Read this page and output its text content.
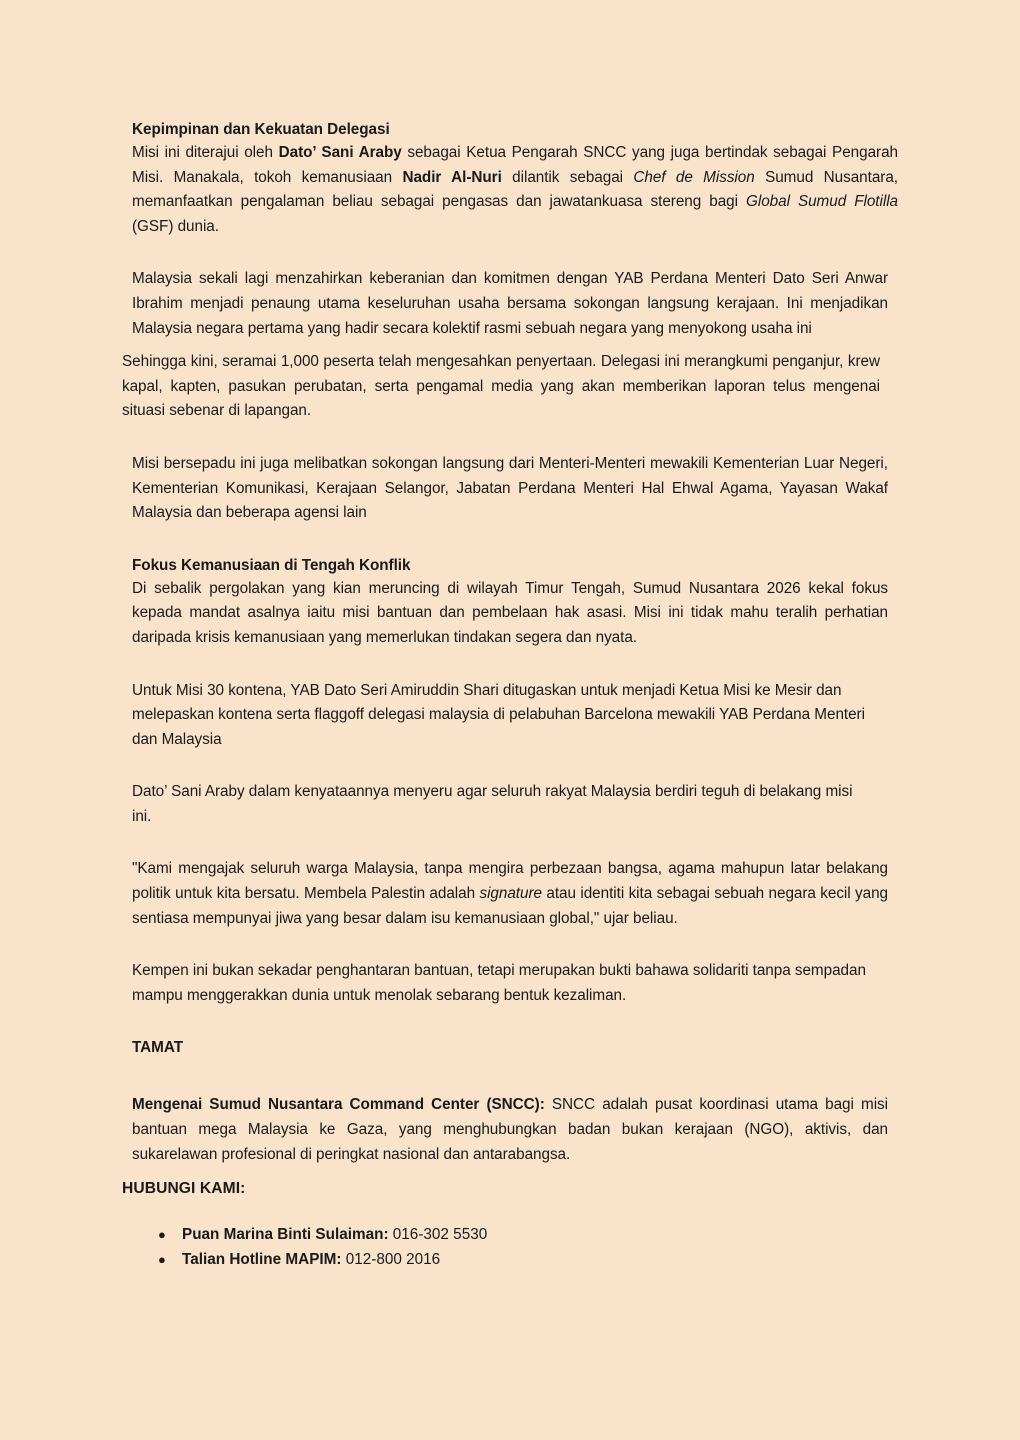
Kepimpinan dan Kekuatan Delegasi

Misi ini diterajui oleh Dato’ Sani Araby sebagai Ketua Pengarah SNCC yang juga bertindak sebagai Pengarah Misi. Manakala, tokoh kemanusiaan Nadir Al-Nuri dilantik sebagai Chef de Mission Sumud Nusantara, memanfaatkan pengalaman beliau sebagai pengasas dan jawatankuasa stereng bagi Global Sumud Flotilla (GSF) dunia.

Malaysia sekali lagi menzahirkan keberanian dan komitmen dengan YAB Perdana Menteri Dato Seri Anwar Ibrahim menjadi penaung utama keseluruhan usaha bersama sokongan langsung kerajaan. Ini menjadikan Malaysia negara pertama yang hadir secara kolektif rasmi sebuah negara yang menyokong usaha ini

Sehingga kini, seramai 1,000 peserta telah mengesahkan penyertaan. Delegasi ini merangkumi penganjur, krew kapal, kapten, pasukan perubatan, serta pengamal media yang akan memberikan laporan telus mengenai situasi sebenar di lapangan.

Misi bersepadu ini juga melibatkan sokongan langsung dari Menteri-Menteri mewakili Kementerian Luar Negeri, Kementerian Komunikasi, Kerajaan Selangor, Jabatan Perdana Menteri Hal Ehwal Agama, Yayasan Wakaf Malaysia dan beberapa agensi lain

Fokus Kemanusiaan di Tengah Konflik

Di sebalik pergolakan yang kian meruncing di wilayah Timur Tengah, Sumud Nusantara 2026 kekal fokus kepada mandat asalnya iaitu misi bantuan dan pembelaan hak asasi. Misi ini tidak mahu teralih perhatian daripada krisis kemanusiaan yang memerlukan tindakan segera dan nyata.

Untuk Misi 30 kontena, YAB Dato Seri Amiruddin Shari ditugaskan untuk menjadi Ketua Misi ke Mesir dan melepaskan kontena serta flaggoff delegasi malaysia di pelabuhan Barcelona mewakili YAB Perdana Menteri dan Malaysia

Dato’ Sani Araby dalam kenyataannya menyeru agar seluruh rakyat Malaysia berdiri teguh di belakang misi ini.

"Kami mengajak seluruh warga Malaysia, tanpa mengira perbezaan bangsa, agama mahupun latar belakang politik untuk kita bersatu. Membela Palestin adalah signature atau identiti kita sebagai sebuah negara kecil yang sentiasa mempunyai jiwa yang besar dalam isu kemanusiaan global," ujar beliau.

Kempen ini bukan sekadar penghantaran bantuan, tetapi merupakan bukti bahawa solidariti tanpa sempadan mampu menggerakkan dunia untuk menolak sebarang bentuk kezaliman.

TAMAT

Mengenai Sumud Nusantara Command Center (SNCC): SNCC adalah pusat koordinasi utama bagi misi bantuan mega Malaysia ke Gaza, yang menghubungkan badan bukan kerajaan (NGO), aktivis, dan sukarelawan profesional di peringkat nasional dan antarabangsa.

HUBUNGI KAMI:
● Puan Marina Binti Sulaiman: 016-302 5530
● Talian Hotline MAPIM: 012-800 2016
